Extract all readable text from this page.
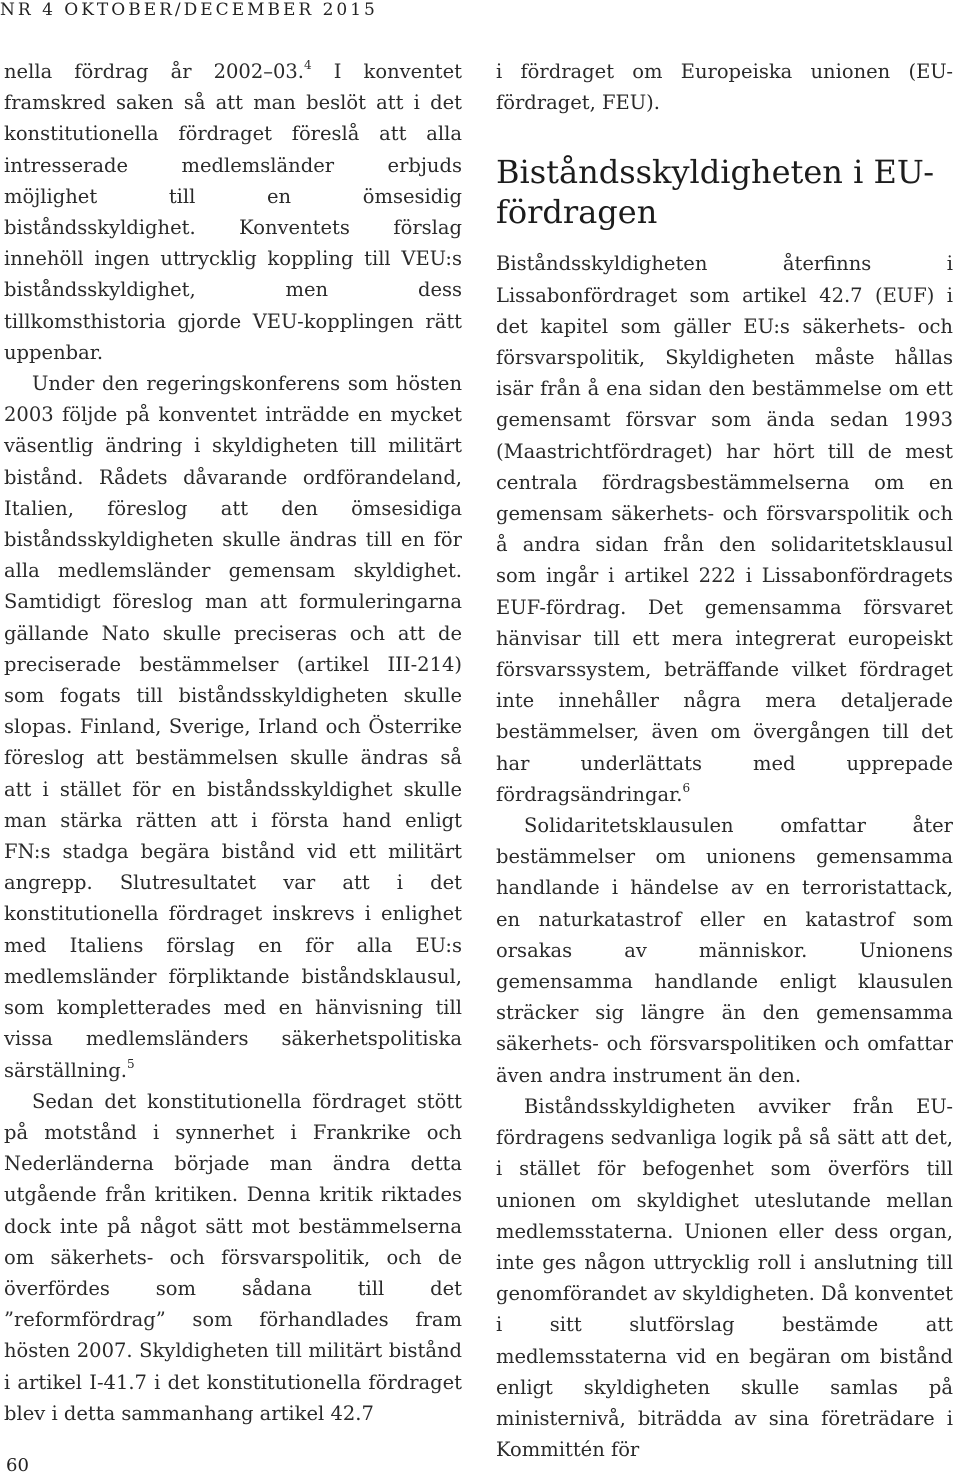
NR 4 OKTOBER/DECEMBER 2015

nella fördrag år 2002–03.$^4$ I konventet framskred saken så att man beslöt att i det konstitutionella fördraget föreslå att alla intresserade medlemsländer erbjuds möjlighet till en ömsesidig biståndsskyldighet. Konventets förslag innehöll ingen uttrycklig koppling till VEU:s biståndsskyldighet, men dess tillkomsthistoria gjorde VEU-kopplingen rätt uppenbar.

Under den regeringskonferens som hösten 2003 följde på konventet inträdde en mycket väsentlig ändring i skyldigheten till militärt bistånd. Rådets dåvarande ordförandeland, Italien, föreslog att den ömsesidiga biståndsskyldigheten skulle ändras till en för alla medlemsländer gemensam skyldighet. Samtidigt föreslog man att formuleringarna gällande Nato skulle preciseras och att de preciserade bestämmelser (artikel III-214) som fogats till biståndsskyldigheten skulle slopas. Finland, Sverige, Irland och Österrike föreslog att bestämmelsen skulle ändras så att i stället för en biståndsskyldighet skulle man stärka rätten att i första hand enligt FN:s stadga begära bistånd vid ett militärt angrepp. Slutresultatet var att i det konstitutionella fördraget inskrevs i enlighet med Italiens förslag en för alla EU:s medlemsländer förpliktande biståndsklausul, som kompletterades med en hänvisning till vissa medlemsländers säkerhetspolitiska särställning.$^5$

Sedan det konstitutionella fördraget stött på motstånd i synnerhet i Frankrike och Nederländerna började man ändra detta utgående från kritiken. Denna kritik riktades dock inte på något sätt mot bestämmelserna om säkerhets- och försvarspolitik, och de överfördes som sådana till det ”reformfördrag” som förhandlades fram hösten 2007. Skyldigheten till militärt bistånd i artikel I-41.7 i det konstitutionella fördraget blev i detta sammanhang artikel 42.7

i fördraget om Europeiska unionen (EU-fördraget, FEU).

Biståndsskyldigheten i EU-fördragen

Biståndsskyldigheten återfinns i Lissabonfördraget som artikel 42.7 (EUF) i det kapitel som gäller EU:s säkerhets- och försvarspolitik, Skyldigheten måste hållas isär från å ena sidan den bestämmelse om ett gemensamt försvar som ända sedan 1993 (Maastrichtfördraget) har hört till de mest centrala fördragsbestämmelserna om en gemensam säkerhets- och försvarspolitik och å andra sidan från den solidaritetsklausul som ingår i artikel 222 i Lissabonfördragets EUF-fördrag. Det gemensamma försvaret hänvisar till ett mera integrerat europeiskt försvarssystem, beträffande vilket fördraget inte innehåller några mera detaljerade bestämmelser, även om övergången till det har underlättats med upprepade fördragsändringar.$^6$

Solidaritetsklausulen omfattar åter bestämmelser om unionens gemensamma handlande i händelse av en terroristattack, en naturkatastrof eller en katastrof som orsakas av människor. Unionens gemensamma handlande enligt klausulen sträcker sig längre än den gemensamma säkerhets- och försvarspolitiken och omfattar även andra instrument än den.

Biståndsskyldigheten avviker från EU-fördragens sedvanliga logik på så sätt att det, i stället för befogenhet som överförs till unionen om skyldighet uteslutande mellan medlemsstaterna. Unionen eller dess organ, inte ges någon uttrycklig roll i anslutning till genomförandet av skyldigheten. Då konventet i sitt slutförslag bestämde att medlemsstaterna vid en begäran om bistånd enligt skyldigheten skulle samlas på ministernivå, biträdda av sina företrädare i Kommittén för

60
